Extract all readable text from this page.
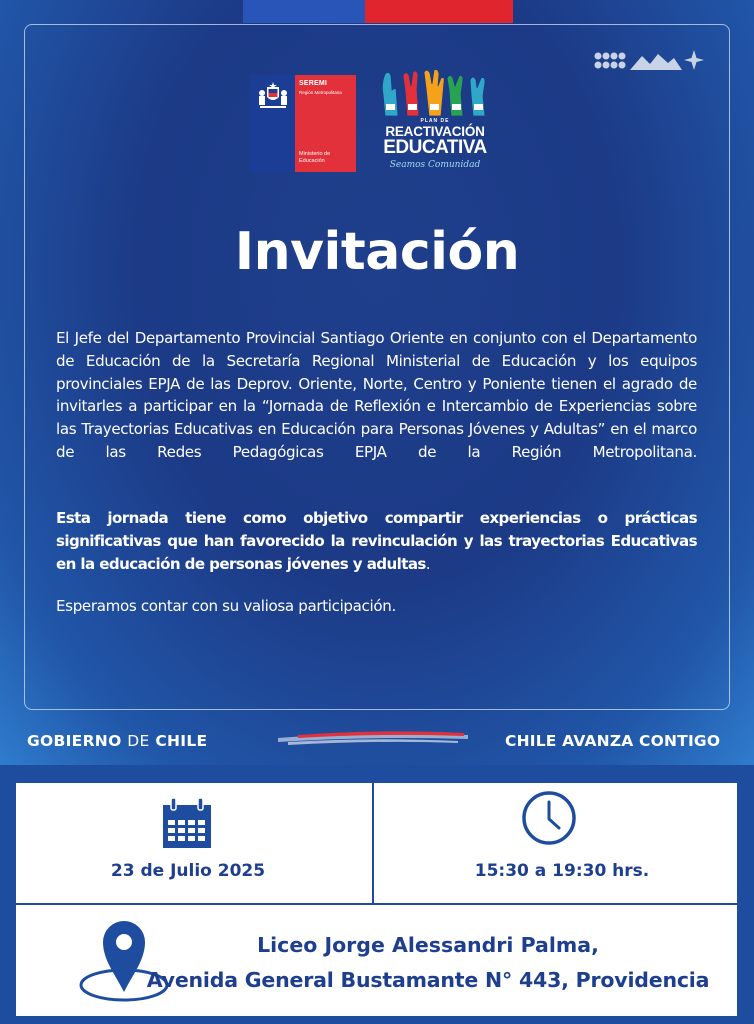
SEREMI
Región Metropolitana
Ministerio de
Educación
PLAN DE
REACTIVACIÓN
EDUCATIVA
Seamos Comunidad
Invitación

El Jefe del Departamento Provincial Santiago Oriente en conjunto con el Departamento de Educación de la Secretaría Regional Ministerial de Educación y los equipos provinciales EPJA de las Deprov. Oriente, Norte, Centro y Poniente tienen el agrado de invitarles a participar en la “Jornada de Reflexión e Intercambio de Experiencias sobre las Trayectorias Educativas en Educación para Personas Jóvenes y Adultas” en el marco de las Redes Pedagógicas EPJA de la Región Metropolitana.

Esta jornada tiene como objetivo compartir experiencias o prácticas significativas que han favorecido la revinculación y las trayectorias Educativas en la educación de personas jóvenes y adultas.

Esperamos contar con su valiosa participación.

GOBIERNO DE CHILE	CHILE AVANZA CONTIGO
23 de Julio 2025	15:30 a 19:30 hrs.
Liceo Jorge Alessandri Palma,
Avenida General Bustamante N° 443, Providencia
